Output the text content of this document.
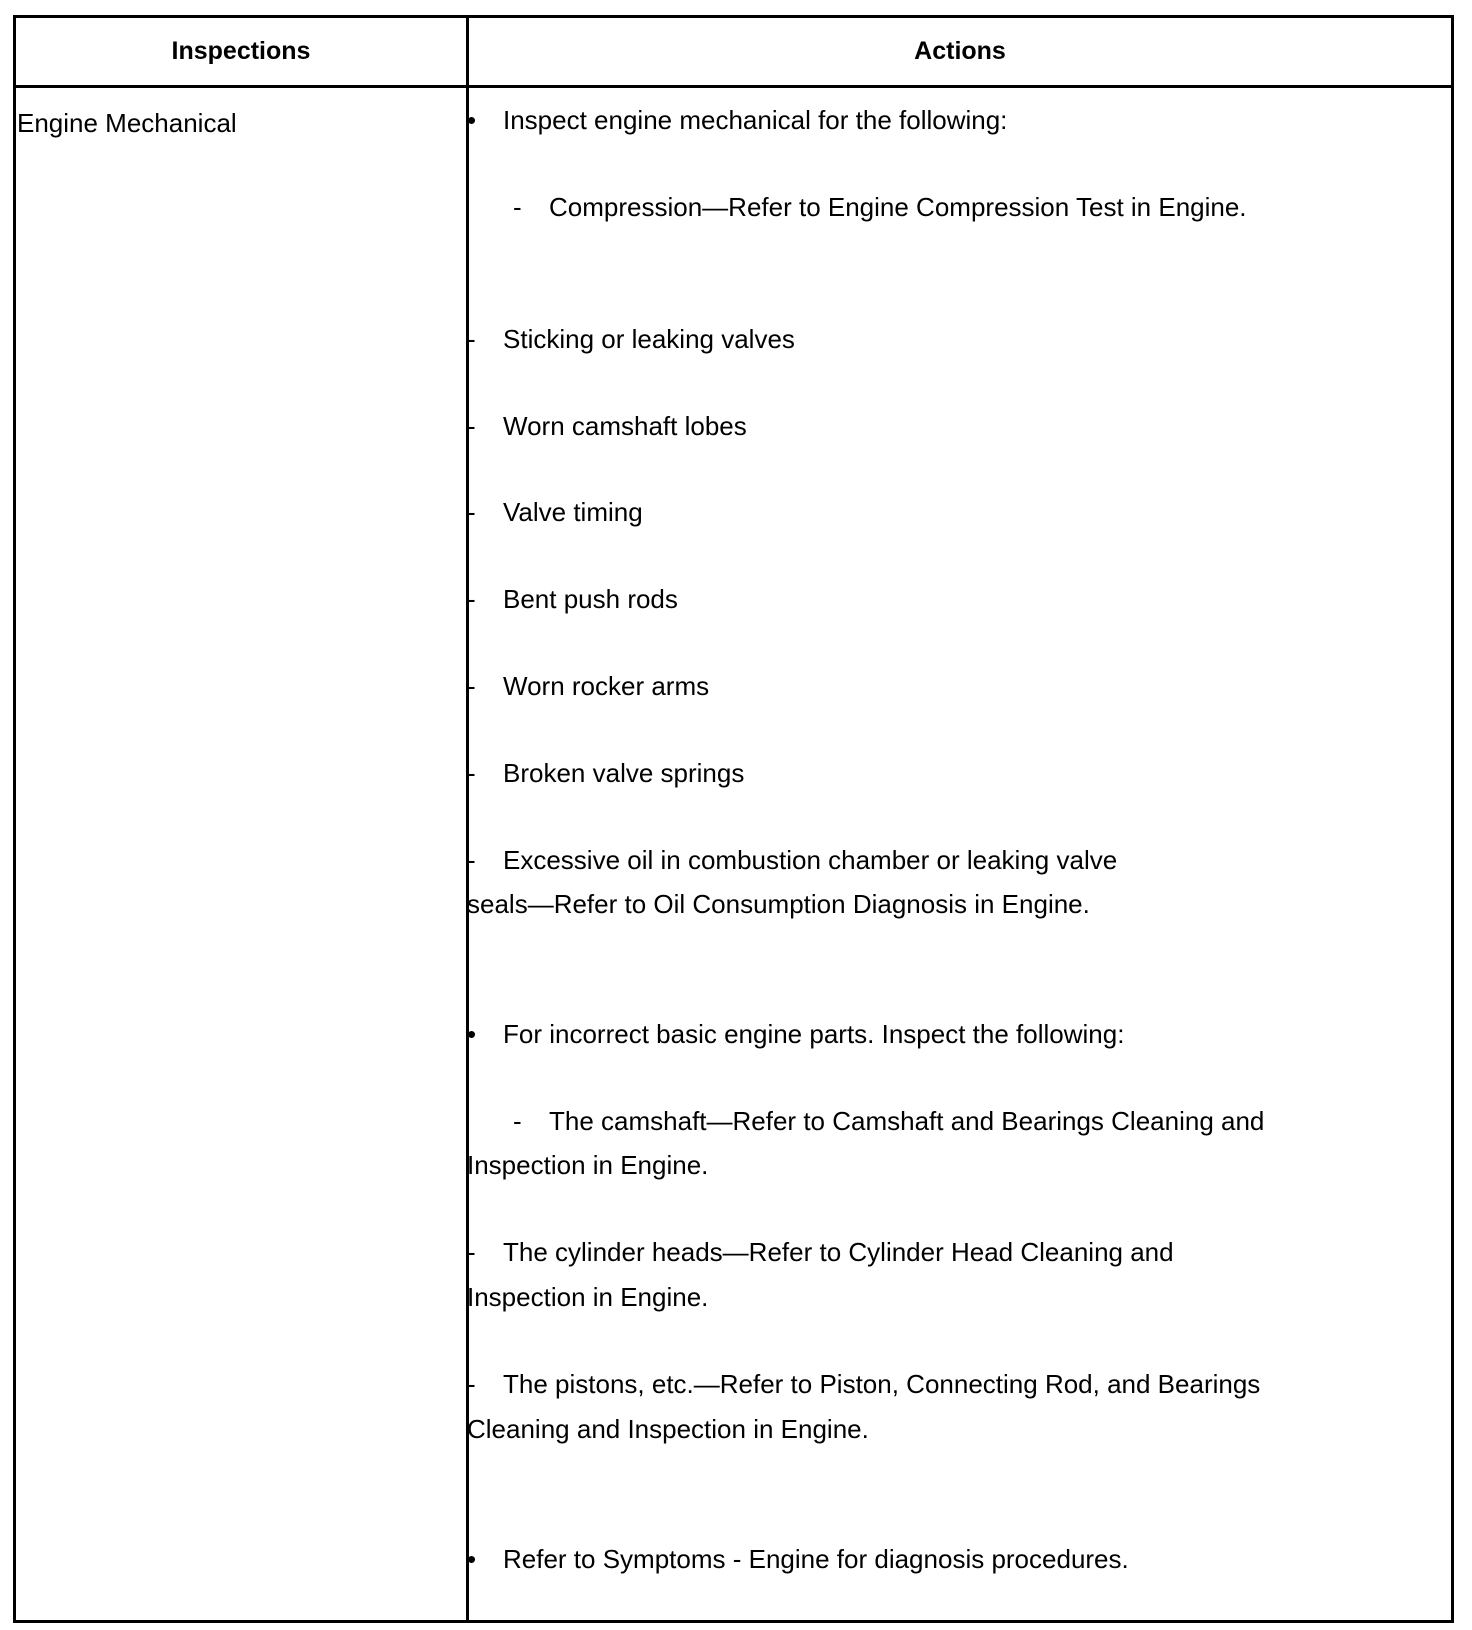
Inspections	Actions
Engine Mechanical	• Inspect engine mechanical for the following:
- Compression—Refer to Engine Compression Test in Engine.
- Sticking or leaking valves
- Worn camshaft lobes
- Valve timing
- Bent push rods
- Worn rocker arms
- Broken valve springs
- Excessive oil in combustion chamber or leaking valve
seals—Refer to Oil Consumption Diagnosis in Engine.
• For incorrect basic engine parts. Inspect the following:
- The camshaft—Refer to Camshaft and Bearings Cleaning and
Inspection in Engine.
- The cylinder heads—Refer to Cylinder Head Cleaning and
Inspection in Engine.
- The pistons, etc.—Refer to Piston, Connecting Rod, and Bearings
Cleaning and Inspection in Engine.
• Refer to Symptoms - Engine for diagnosis procedures.
